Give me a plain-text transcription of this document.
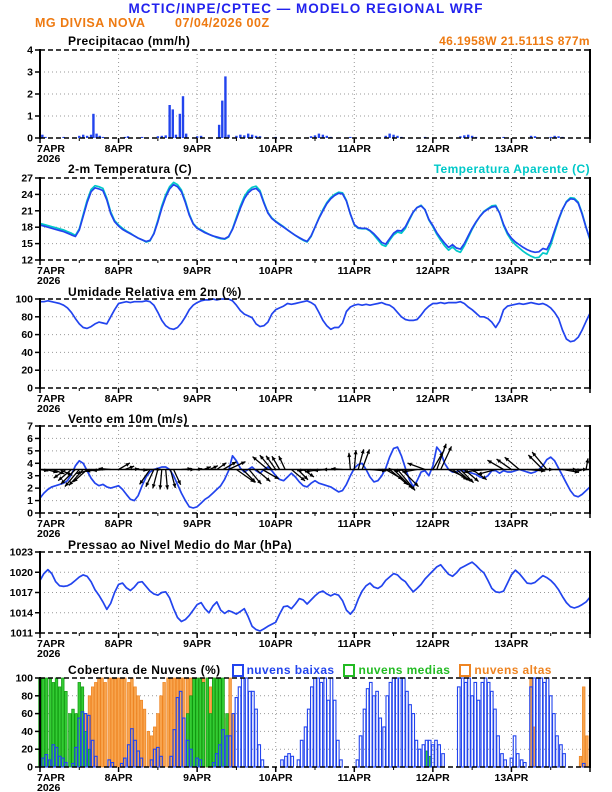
MCTIC/INPE/CPTEC — MODELO REGIONAL WRF
MG DIVISA NOVA 07/04/2026 00Z
Precipitacao (mm/h)	46.1958W 21.5111S 877m
0
1
2
3
4
7APR
2026
8APR	9APR	10APR	11APR	12APR	13APR
2-m Temperatura (C)	Temperatura Aparente (C)
12
15
18
21
24
27
7APR
2026
8APR	9APR	10APR	11APR	12APR	13APR
Umidade Relativa em 2m (%)
0
20
40
60
80
100
7APR
2026
8APR	9APR	10APR	11APR	12APR	13APR
Vento em 10m (m/s)
0
1
2
3
4
5
6
7
7APR
2026
8APR	9APR	10APR	11APR	12APR	13APR
Pressao ao Nivel Medio do Mar (hPa)
1011
1014
1017
1020
1023
7APR
2026
8APR	9APR	10APR	11APR	12APR	13APR
Cobertura de Nuvens (%) nuvens baixas nuvens medias nuvens altas
0
20
40
60
80
100
7APR
2026
8APR	9APR	10APR	11APR	12APR	13APR
